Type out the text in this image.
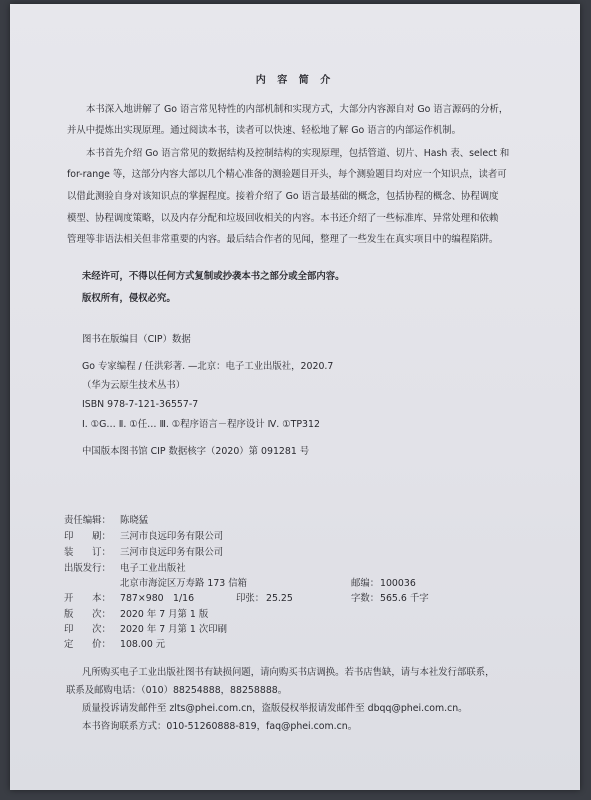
内 容 简 介
本书深入地讲解了 Go 语言常见特性的内部机制和实现方式，大部分内容源自对 Go 语言源码的分析，
并从中提炼出实现原理。通过阅读本书，读者可以快速、轻松地了解 Go 语言的内部运作机制。
本书首先介绍 Go 语言常见的数据结构及控制结构的实现原理，包括管道、切片、Hash 表、select 和
for-range 等，这部分内容大部以几个精心准备的测验题目开头，每个测验题目均对应一个知识点，读者可
以借此测验自身对该知识点的掌握程度。接着介绍了 Go 语言最基础的概念，包括协程的概念、协程调度
模型、协程调度策略，以及内存分配和垃圾回收相关的内容。本书还介绍了一些标准库、异常处理和依赖
管理等非语法相关但非常重要的内容。最后结合作者的见闻，整理了一些发生在真实项目中的编程陷阱。
未经许可，不得以任何方式复制或抄袭本书之部分或全部内容。
版权所有，侵权必究。
图书在版编目（CIP）数据
Go 专家编程 / 任洪彩著. —北京：电子工业出版社，2020.7
（华为云原生技术丛书）
ISBN 978-7-121-36557-7
Ⅰ. ①G… Ⅱ. ①任… Ⅲ. ①程序语言－程序设计 Ⅳ. ①TP312
中国版本图书馆 CIP 数据核字（2020）第 091281 号
责任编辑： 陈晓猛
印　　刷： 三河市良远印务有限公司
装　　订： 三河市良远印务有限公司
出版发行： 电子工业出版社
北京市海淀区万寿路 173 信箱	邮编： 100036
开　　本： 787×980　1/16	印张： 25.25	字数： 565.6 千字
版　　次： 2020 年 7 月第 1 版
印　　次： 2020 年 7 月第 1 次印刷
定　　价： 108.00 元
凡所购买电子工业出版社图书有缺损问题，请向购买书店调换。若书店售缺，请与本社发行部联系，
联系及邮购电话：（010）88254888，88258888。
质量投诉请发邮件至 zlts@phei.com.cn，盗版侵权举报请发邮件至 dbqq@phei.com.cn。
本书咨询联系方式：010-51260888-819，faq@phei.com.cn。
